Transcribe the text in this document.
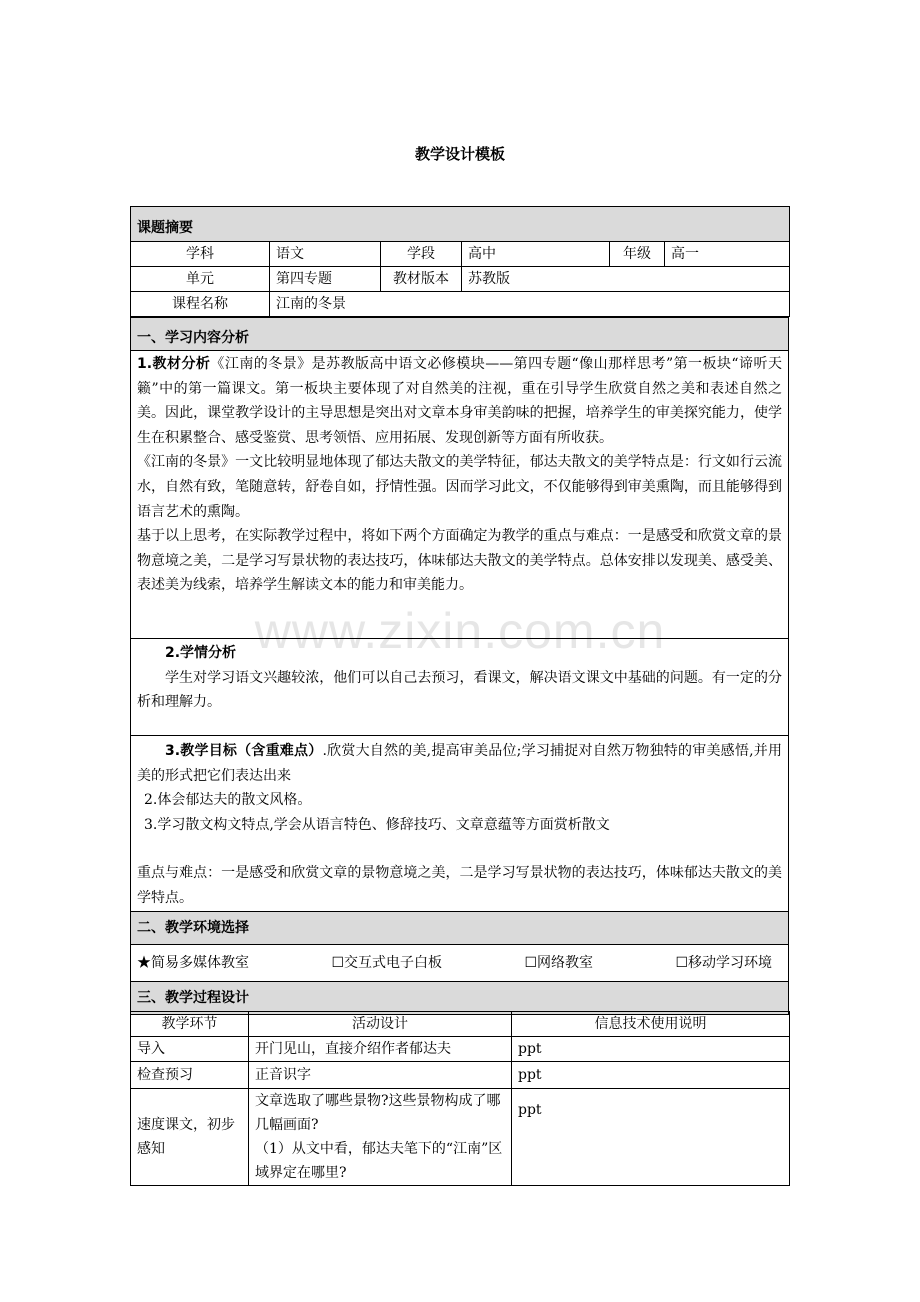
教学设计模板
www.zixin.com.cn
课题摘要					
学科	语文	学段	高中	年级	高一
单元	第四专题	教材版本	苏教版		
课程名称	江南的冬景				
一、学习内容分析

1.教材分析《江南的冬景》是苏教版高中语文必修模块——第四专题“像山那样思考”第一板块“谛听天籁”中的第一篇课文。第一板块主要体现了对自然美的注视，重在引导学生欣赏自然之美和表述自然之美。因此，课堂教学设计的主导思想是突出对文章本身审美韵味的把握，培养学生的审美探究能力，使学生在积累整合、感受鉴赏、思考领悟、应用拓展、发现创新等方面有所收获。

《江南的冬景》一文比较明显地体现了郁达夫散文的美学特征，郁达夫散文的美学特点是：行文如行云流水，自然有致，笔随意转，舒卷自如，抒情性强。因而学习此文，不仅能够得到审美熏陶，而且能够得到语言艺术的熏陶。

基于以上思考，在实际教学过程中，将如下两个方面确定为教学的重点与难点：一是感受和欣赏文章的景物意境之美，二是学习写景状物的表达技巧，体味郁达夫散文的美学特点。总体安排以发现美、感受美、表述美为线索，培养学生解读文本的能力和审美能力。

2.学情分析

学生对学习语文兴趣较浓，他们可以自己去预习，看课文，解决语文课文中基础的问题。有一定的分析和理解力。

3.教学目标（含重难点）.欣赏大自然的美,提高审美品位;学习捕捉对自然万物独特的审美感悟,并用美的形式把它们表达出来

2.体会郁达夫的散文风格。

3.学习散文构文特点,学会从语言特色、修辞技巧、文章意蕴等方面赏析散文

重点与难点：一是感受和欣赏文章的景物意境之美，二是学习写景状物的表达技巧，体味郁达夫散文的美学特点。

二、教学环境选择

★简易多媒体教室	☐交互式电子白板	☐网络教室	☐移动学习环境

三、教学过程设计
教学环节	活动设计	信息技术使用说明
导入	开门见山，直接介绍作者郁达夫	ppt
检查预习	正音识字	ppt
速度课文，初步感知	文章选取了哪些景物?这些景物构成了哪几幅画面?
（1）从文中看，郁达夫笔下的“江南”区域界定在哪里?	ppt
